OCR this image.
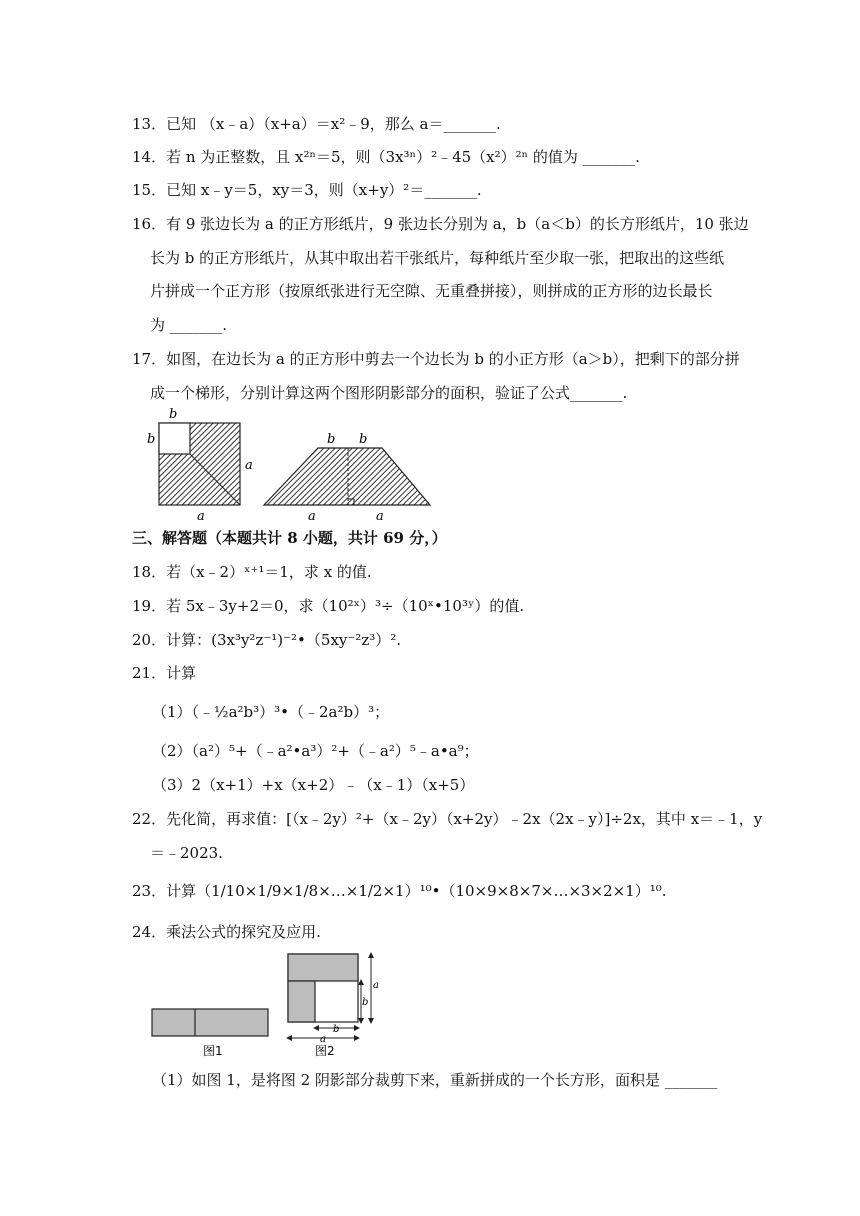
13．已知 （x﹣a）（x+a）＝x²﹣9，那么 a＝_______.
14．若 n 为正整数，且 x²ⁿ＝5，则（3x³ⁿ）²﹣45（x²）²ⁿ 的值为 _______.
15．已知 x﹣y＝5，xy＝3，则（x+y）²＝_______.
16．有 9 张边长为 a 的正方形纸片，9 张边长分别为 a，b（a＜b）的长方形纸片，10 张边
长为 b 的正方形纸片，从其中取出若干张纸片，每种纸片至少取一张，把取出的这些纸
片拼成一个正方形（按原纸张进行无空隙、无重叠拼接），则拼成的正方形的边长最长
为 _______.
17．如图，在边长为 a 的正方形中剪去一个边长为 b 的小正方形（a＞b），把剩下的部分拼
成一个梯形，分别计算这两个图形阴影部分的面积，验证了公式_______.
b
b
a
a
b b
a	a
三、解答题（本题共计 8 小题，共计 69 分，）
18．若（x﹣2）ˣ⁺¹＝1，求 x 的值.
19．若 5x﹣3y+2＝0，求（10²ˣ）³÷（10ˣ•10³ʸ）的值.
20．计算：(3x³y²z⁻¹)⁻²•（5xy⁻²z³）².
21．计算
（1）（﹣½a²b³）³•（﹣2a²b）³；
（2）（a²）⁵+（﹣a²•a³）²+（﹣a²）⁵﹣a•a⁹；
（3）2（x+1）+x（x+2）﹣（x﹣1）（x+5）
22．先化简，再求值：[（x﹣2y）²+（x﹣2y）（x+2y）﹣2x（2x﹣y）]÷2x，其中 x＝﹣1，y
＝﹣2023.
23．计算（1/10×1/9×1/8×…×1/2×1）¹⁰•（10×9×8×7×…×3×2×1）¹⁰.
24．乘法公式的探究及应用.
图1
a
b
b
a
图2
（1）如图 1，是将图 2 阴影部分裁剪下来，重新拼成的一个长方形，面积是 _______
